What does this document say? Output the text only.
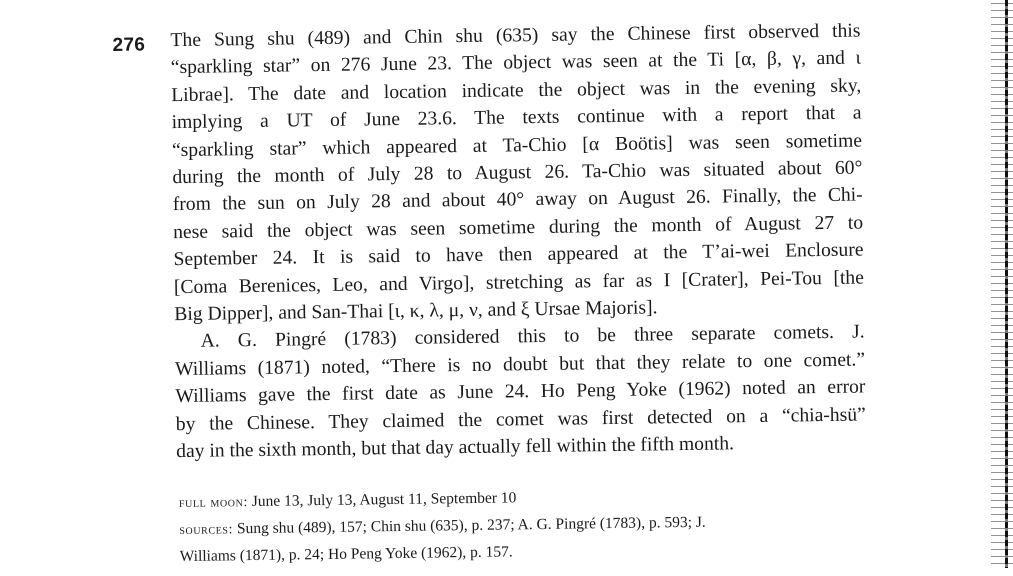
276 The Sung shu (489) and Chin shu (635) say the Chinese first observed this
“sparkling star” on 276 June 23. The object was seen at the Ti [α, β, γ, and ι
Librae]. The date and location indicate the object was in the evening sky,
implying a UT of June 23.6. The texts continue with a report that a
“sparkling star” which appeared at Ta-Chio [α Boötis] was seen sometime
during the month of July 28 to August 26. Ta-Chio was situated about 60°
from the sun on July 28 and about 40° away on August 26. Finally, the Chi-
nese said the object was seen sometime during the month of August 27 to
September 24. It is said to have then appeared at the T’ai-wei Enclosure
[Coma Berenices, Leo, and Virgo], stretching as far as I [Crater], Pei-Tou [the
Big Dipper], and San-Thai [ι, κ, λ, μ, ν, and ξ Ursae Majoris].
A. G. Pingré (1783) considered this to be three separate comets. J.
Williams (1871) noted, “There is no doubt but that they relate to one comet.”
Williams gave the first date as June 24. Ho Peng Yoke (1962) noted an error
by the Chinese. They claimed the comet was first detected on a “chia-hsü”
day in the sixth month, but that day actually fell within the fifth month.
full moon: June 13, July 13, August 11, September 10
sources: Sung shu (489), 157; Chin shu (635), p. 237; A. G. Pingré (1783), p. 593; J.
Williams (1871), p. 24; Ho Peng Yoke (1962), p. 157.
